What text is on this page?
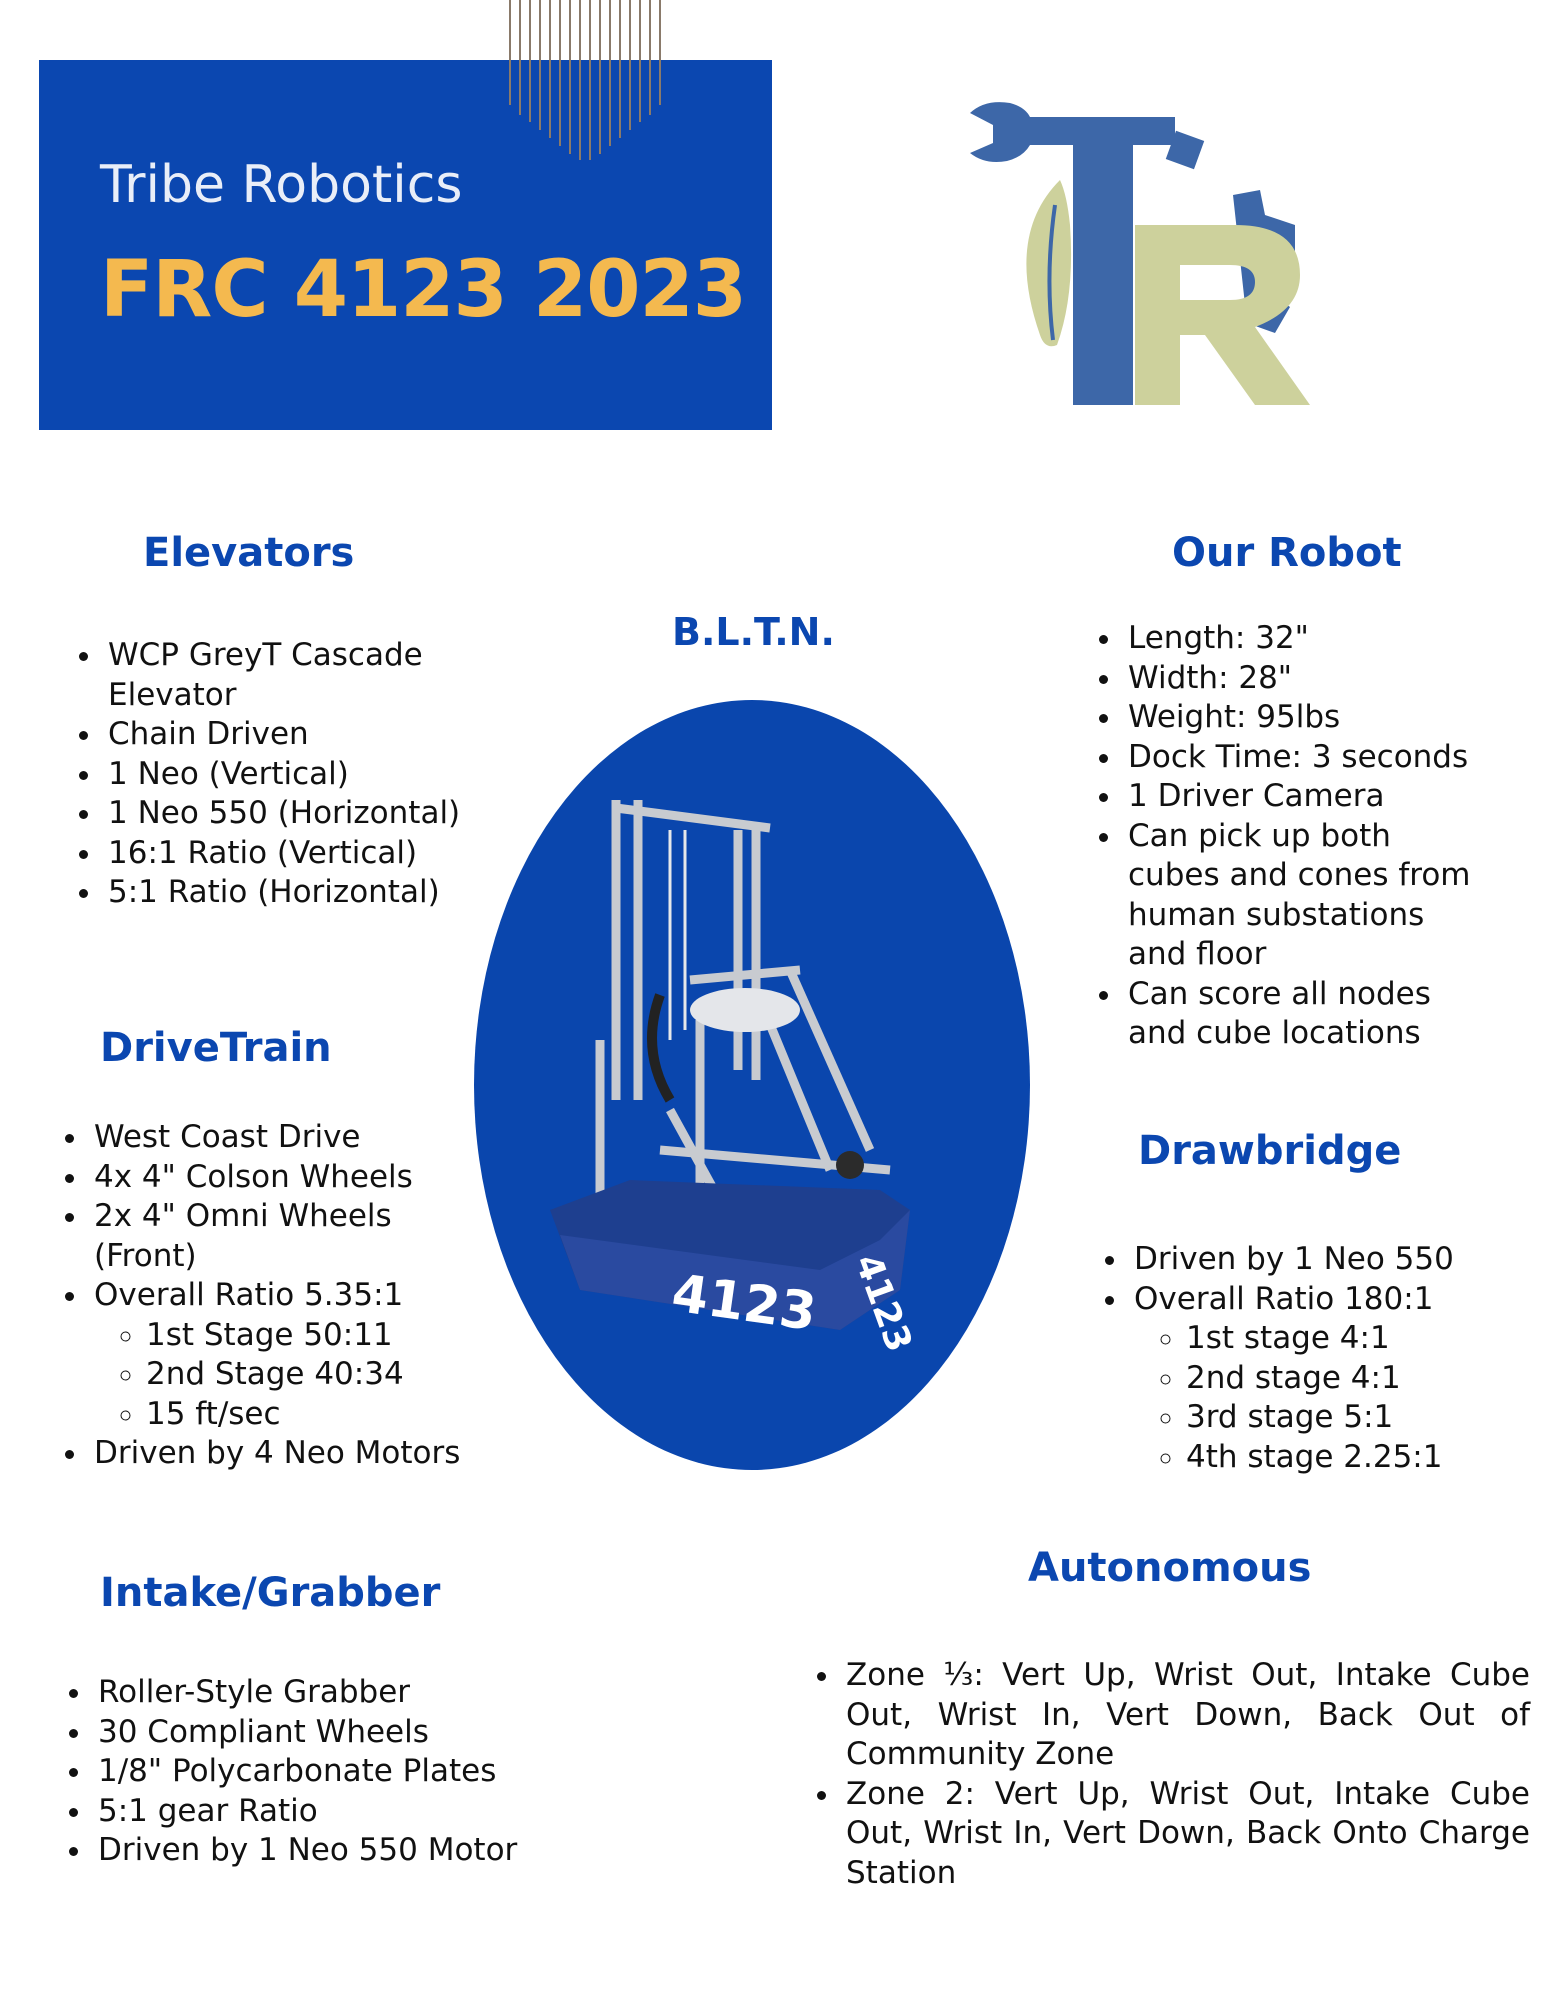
Tribe Robotics
FRC 4123 2023
B.L.T.N.
4123 4123
Elevators
• WCP GreyT Cascade Elevator
• Chain Driven
• 1 Neo (Vertical)
• 1 Neo 550 (Horizontal)
• 16:1 Ratio (Vertical)
• 5:1 Ratio (Horizontal)
DriveTrain
• West Coast Drive
• 4x 4" Colson Wheels
• 2x 4" Omni Wheels (Front)
• Overall Ratio 5.35:1
◦ 1st Stage 50:11
◦ 2nd Stage 40:34
◦ 15 ft/sec
• Driven by 4 Neo Motors
Intake/Grabber
• Roller-Style Grabber
• 30 Compliant Wheels
• 1/8" Polycarbonate Plates
• 5:1 gear Ratio
• Driven by 1 Neo 550 Motor
Our Robot
• Length: 32"
• Width: 28"
• Weight: 95lbs
• Dock Time: 3 seconds
• 1 Driver Camera
• Can pick up both cubes and cones from human substations and floor
• Can score all nodes and cube locations
Drawbridge
• Driven by 1 Neo 550
• Overall Ratio 180:1
◦ 1st stage 4:1
◦ 2nd stage 4:1
◦ 3rd stage 5:1
◦ 4th stage 2.25:1
Autonomous
• Zone ⅓: Vert Up, Wrist Out, Intake Cube Out, Wrist In, Vert Down, Back Out of Community Zone
• Zone 2: Vert Up, Wrist Out, Intake Cube Out, Wrist In, Vert Down, Back Onto Charge Station
